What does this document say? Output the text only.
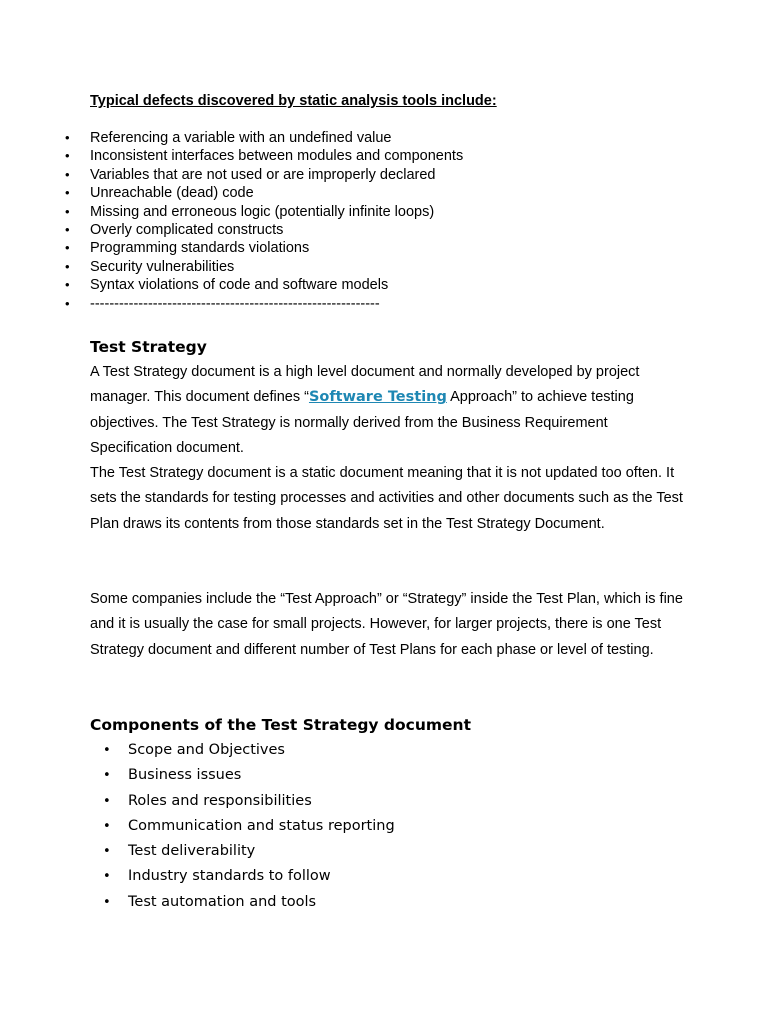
Typical defects discovered by static analysis tools include:

• Referencing a variable with an undefined value
• Inconsistent interfaces between modules and components
• Variables that are not used or are improperly declared
• Unreachable (dead) code
• Missing and erroneous logic (potentially infinite loops)
• Overly complicated constructs
• Programming standards violations
• Security vulnerabilities
• Syntax violations of code and software models
• ------------------------------------------------------------
Test Strategy

A Test Strategy document is a high level document and normally developed by project manager. This document defines “Software Testing Approach” to achieve testing objectives. The Test Strategy is normally derived from the Business Requirement Specification document.

The Test Strategy document is a static document meaning that it is not updated too often. It sets the standards for testing processes and activities and other documents such as the Test Plan draws its contents from those standards set in the Test Strategy Document.

Some companies include the “Test Approach” or “Strategy” inside the Test Plan, which is fine and it is usually the case for small projects. However, for larger projects, there is one Test Strategy document and different number of Test Plans for each phase or level of testing.

Components of the Test Strategy document
• Scope and Objectives
• Business issues
• Roles and responsibilities
• Communication and status reporting
• Test deliverability
• Industry standards to follow
• Test automation and tools
